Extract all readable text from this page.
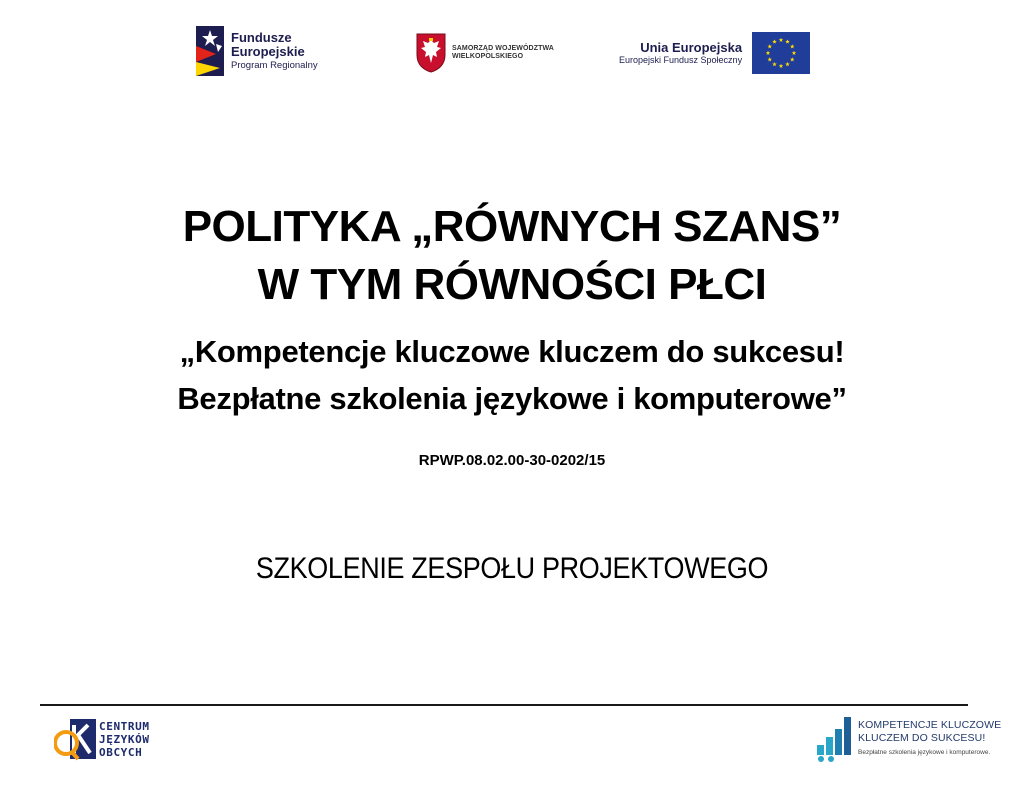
Fundusze
Europejskie
Program Regionalny
SAMORZĄD WOJEWÓDZTWA
WIELKOPOLSKIEGO
Unia Europejska
Europejski Fundusz Społeczny
POLITYKA „RÓWNYCH SZANS”
W TYM RÓWNOŚCI PŁCI
„Kompetencje kluczowe kluczem do sukcesu!
Bezpłatne szkolenia językowe i komputerowe”
RPWP.08.02.00-30-0202/15
SZKOLENIE ZESPOŁU PROJEKTOWEGO
CENTRUM
JĘZYKÓW
OBCYCH
KOMPETENCJE KLUCZOWE
KLUCZEM DO SUKCESU!
Bezpłatne szkolenia językowe i komputerowe.
